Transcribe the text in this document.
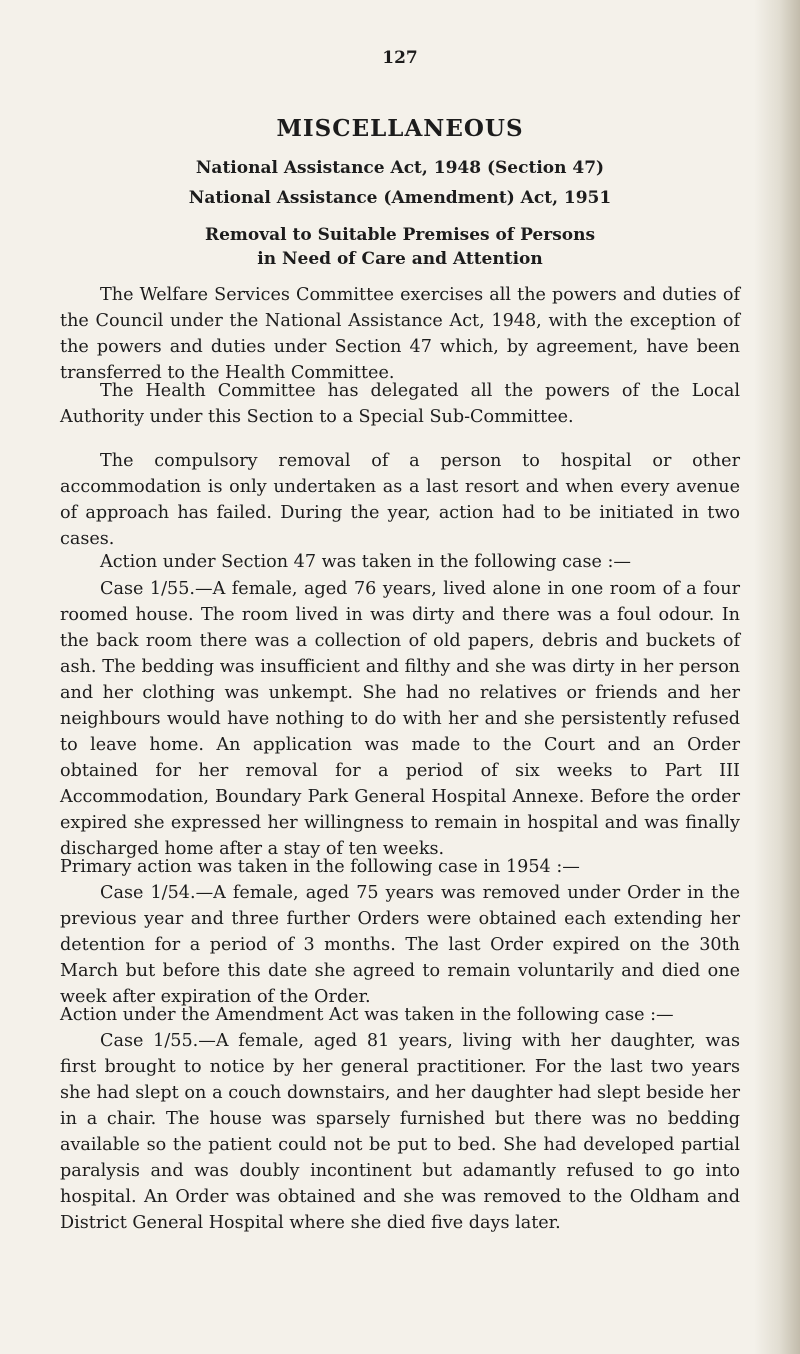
127
MISCELLANEOUS
National Assistance Act, 1948 (Section 47)
National Assistance (Amendment) Act, 1951
Removal to Suitable Premises of Persons
in Need of Care and Attention
The Welfare Services Committee exercises all the powers and duties of the Council under the National Assistance Act, 1948, with the exception of the powers and duties under Section 47 which, by agreement, have been transferred to the Health Committee.
The Health Committee has delegated all the powers of the Local Authority under this Section to a Special Sub-Committee.
The compulsory removal of a person to hospital or other accommodation is only undertaken as a last resort and when every avenue of approach has failed. During the year, action had to be initiated in two cases.
Action under Section 47 was taken in the following case :—
Case 1/55.—A female, aged 76 years, lived alone in one room of a four roomed house. The room lived in was dirty and there was a foul odour. In the back room there was a collection of old papers, debris and buckets of ash. The bedding was insufficient and filthy and she was dirty in her person and her clothing was unkempt. She had no relatives or friends and her neighbours would have nothing to do with her and she persistently refused to leave home. An application was made to the Court and an Order obtained for her removal for a period of six weeks to Part III Accommodation, Boundary Park General Hospital Annexe. Before the order expired she expressed her willingness to remain in hospital and was finally discharged home after a stay of ten weeks.
Primary action was taken in the following case in 1954 :—
Case 1/54.—A female, aged 75 years was removed under Order in the previous year and three further Orders were obtained each extending her detention for a period of 3 months. The last Order expired on the 30th March but before this date she agreed to remain voluntarily and died one week after expiration of the Order.
Action under the Amendment Act was taken in the following case :—
Case 1/55.—A female, aged 81 years, living with her daughter, was first brought to notice by her general practitioner. For the last two years she had slept on a couch downstairs, and her daughter had slept beside her in a chair. The house was sparsely furnished but there was no bedding available so the patient could not be put to bed. She had developed partial paralysis and was doubly incontinent but adamantly refused to go into hospital. An Order was obtained and she was removed to the Oldham and District General Hospital where she died five days later.
